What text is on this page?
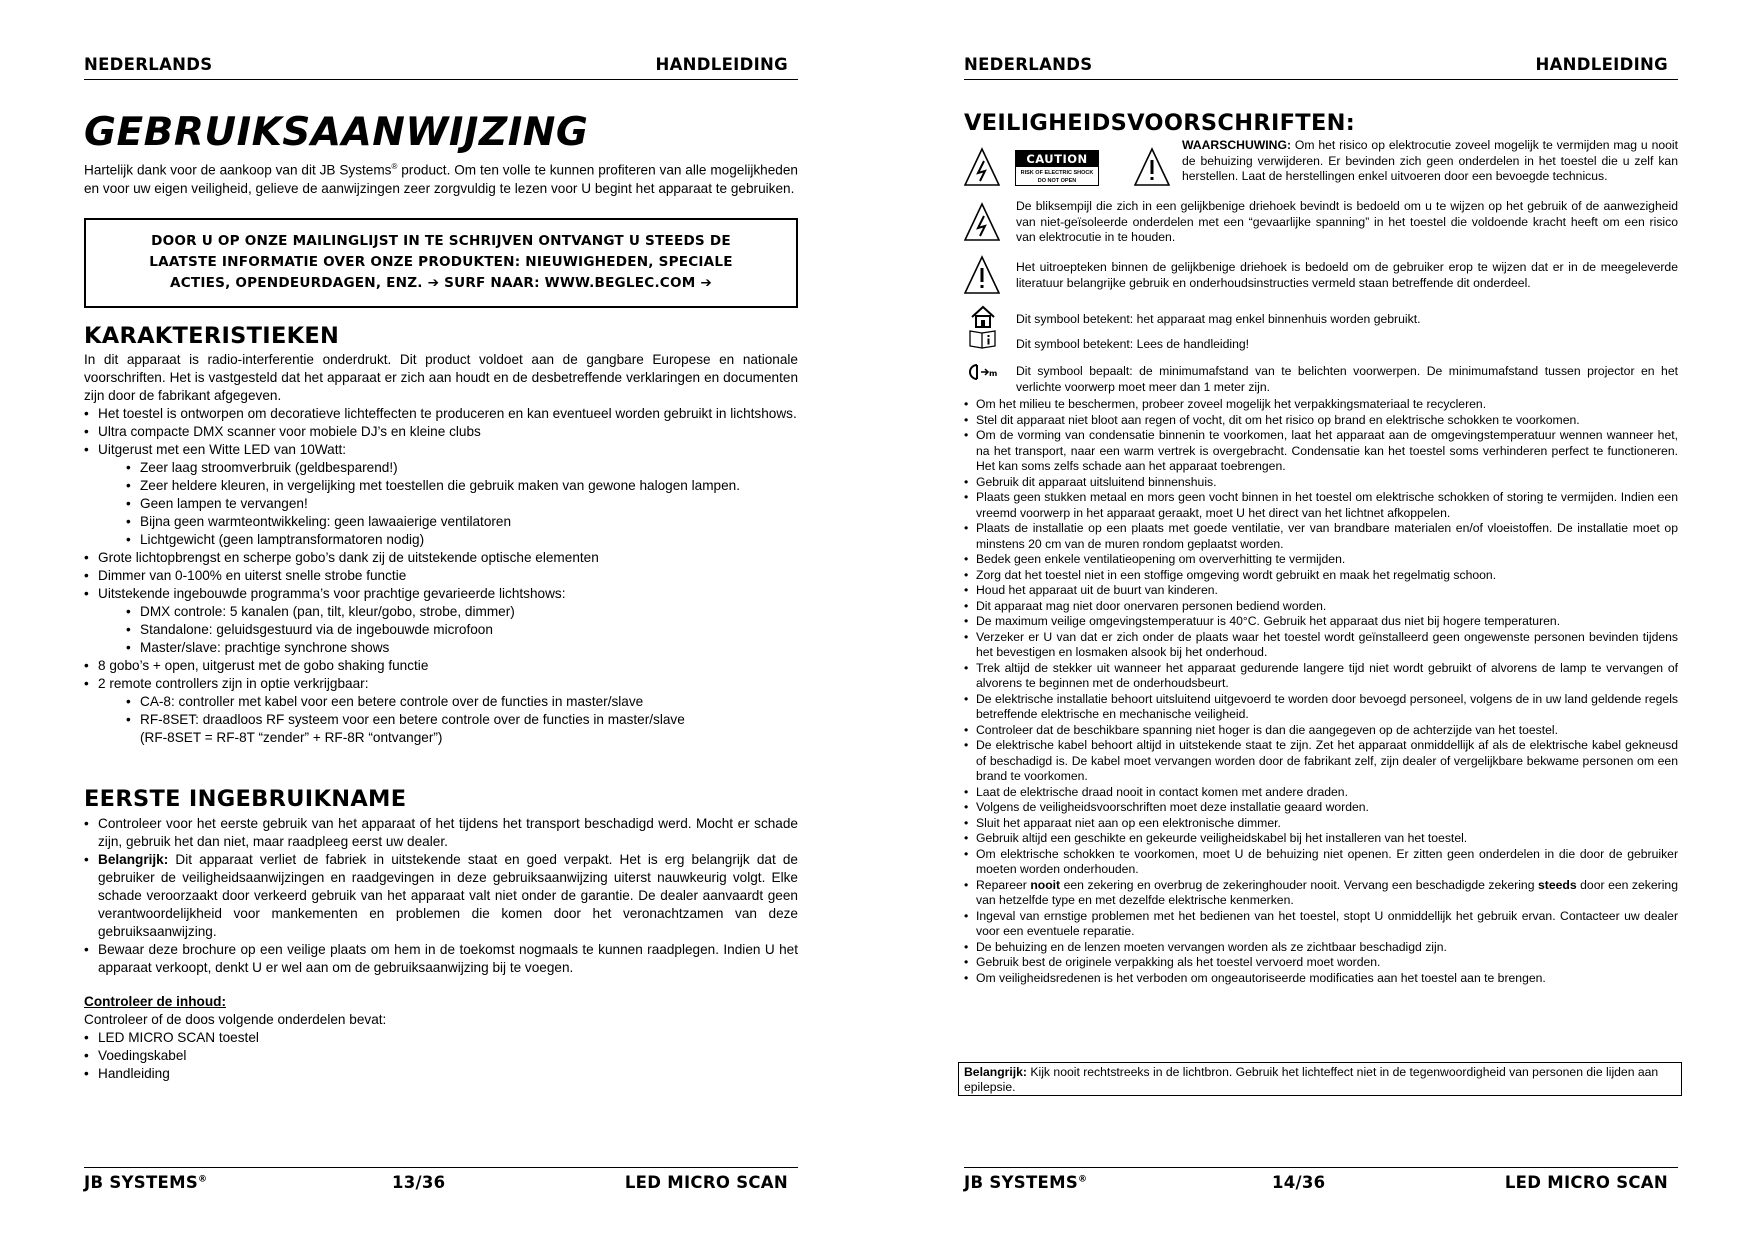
NEDERLANDS	HANDLEIDING
GEBRUIKSAANWIJZING
Hartelijk dank voor de aankoop van dit JB Systems® product. Om ten volle te kunnen profiteren van alle mogelijkheden en voor uw eigen veiligheid, gelieve de aanwijzingen zeer zorgvuldig te lezen voor U begint het apparaat te gebruiken.
DOOR U OP ONZE MAILINGLIJST IN TE SCHRIJVEN ONTVANGT U STEEDS DE
LAATSTE INFORMATIE OVER ONZE PRODUKTEN: NIEUWIGHEDEN, SPECIALE
ACTIES, OPENDEURDAGEN, ENZ. ➔ SURF NAAR: WWW.BEGLEC.COM ➔
KARAKTERISTIEKEN

In dit apparaat is radio-interferentie onderdrukt. Dit product voldoet aan de gangbare Europese en nationale voorschriften. Het is vastgesteld dat het apparaat er zich aan houdt en de desbetreffende verklaringen en documenten zijn door de fabrikant afgegeven.

• Het toestel is ontworpen om decoratieve lichteffecten te produceren en kan eventueel worden gebruikt in lichtshows.
• Ultra compacte DMX scanner voor mobiele DJ’s en kleine clubs
• Uitgerust met een Witte LED van 10Watt:
• Zeer laag stroomverbruik (geldbesparend!)
• Zeer heldere kleuren, in vergelijking met toestellen die gebruik maken van gewone halogen lampen.
• Geen lampen te vervangen!
• Bijna geen warmteontwikkeling: geen lawaaierige ventilatoren
• Lichtgewicht (geen lamptransformatoren nodig)
• Grote lichtopbrengst en scherpe gobo’s dank zij de uitstekende optische elementen
• Dimmer van 0-100% en uiterst snelle strobe functie
• Uitstekende ingebouwde programma’s voor prachtige gevarieerde lichtshows:
• DMX controle: 5 kanalen (pan, tilt, kleur/gobo, strobe, dimmer)
• Standalone: geluidsgestuurd via de ingebouwde microfoon
• Master/slave: prachtige synchrone shows
• 8 gobo’s + open, uitgerust met de gobo shaking functie
• 2 remote controllers zijn in optie verkrijgbaar:
• CA-8: controller met kabel voor een betere controle over de functies in master/slave
• RF-8SET: draadloos RF systeem voor een betere controle over de functies in master/slave
(RF-8SET = RF-8T “zender” + RF-8R “ontvanger”)
EERSTE INGEBRUIKNAME
• Controleer voor het eerste gebruik van het apparaat of het tijdens het transport beschadigd werd. Mocht er schade zijn, gebruik het dan niet, maar raadpleeg eerst uw dealer.
• Belangrijk: Dit apparaat verliet de fabriek in uitstekende staat en goed verpakt. Het is erg belangrijk dat de gebruiker de veiligheidsaanwijzingen en raadgevingen in deze gebruiksaanwijzing uiterst nauwkeurig volgt. Elke schade veroorzaakt door verkeerd gebruik van het apparaat valt niet onder de garantie. De dealer aanvaardt geen verantwoordelijkheid voor mankementen en problemen die komen door het veronachtzamen van deze gebruiksaanwijzing.
• Bewaar deze brochure op een veilige plaats om hem in de toekomst nogmaals te kunnen raadplegen. Indien U het apparaat verkoopt, denkt U er wel aan om de gebruiksaanwijzing bij te voegen.

Controleer de inhoud:

Controleer of de doos volgende onderdelen bevat:

• LED MICRO SCAN toestel
• Voedingskabel
• Handleiding
JB SYSTEMS®	13/36	LED MICRO SCAN
NEDERLANDS	HANDLEIDING
VEILIGHEIDSVOORSCHRIFTEN:
CAUTION
RISK OF ELECTRIC SHOCK
DO NOT OPEN
WAARSCHUWING: Om het risico op elektrocutie zoveel mogelijk te vermijden mag u nooit de behuizing verwijderen. Er bevinden zich geen onderdelen in het toestel die u zelf kan herstellen. Laat de herstellingen enkel uitvoeren door een bevoegde technicus.
De bliksempijl die zich in een gelijkbenige driehoek bevindt is bedoeld om u te wijzen op het gebruik of de aanwezigheid van niet-geïsoleerde onderdelen met een “gevaarlijke spanning” in het toestel die voldoende kracht heeft om een risico van elektrocutie in te houden.
Het uitroepteken binnen de gelijkbenige driehoek is bedoeld om de gebruiker erop te wijzen dat er in de meegeleverde literatuur belangrijke gebruik en onderhoudsinstructies vermeld staan betreffende dit onderdeel.
Dit symbool betekent: het apparaat mag enkel binnenhuis worden gebruikt.
Dit symbool betekent: Lees de handleiding!
m Dit symbool bepaalt: de minimumafstand van te belichten voorwerpen. De minimumafstand tussen projector en het verlichte voorwerp moet meer dan 1 meter zijn.
• Om het milieu te beschermen, probeer zoveel mogelijk het verpakkingsmateriaal te recycleren.
• Stel dit apparaat niet bloot aan regen of vocht, dit om het risico op brand en elektrische schokken te voorkomen.
• Om de vorming van condensatie binnenin te voorkomen, laat het apparaat aan de omgevingstemperatuur wennen wanneer het, na het transport, naar een warm vertrek is overgebracht. Condensatie kan het toestel soms verhinderen perfect te functioneren. Het kan soms zelfs schade aan het apparaat toebrengen.
• Gebruik dit apparaat uitsluitend binnenshuis.
• Plaats geen stukken metaal en mors geen vocht binnen in het toestel om elektrische schokken of storing te vermijden. Indien een vreemd voorwerp in het apparaat geraakt, moet U het direct van het lichtnet afkoppelen.
• Plaats de installatie op een plaats met goede ventilatie, ver van brandbare materialen en/of vloeistoffen. De installatie moet op minstens 20 cm van de muren rondom geplaatst worden.
• Bedek geen enkele ventilatieopening om oververhitting te vermijden.
• Zorg dat het toestel niet in een stoffige omgeving wordt gebruikt en maak het regelmatig schoon.
• Houd het apparaat uit de buurt van kinderen.
• Dit apparaat mag niet door onervaren personen bediend worden.
• De maximum veilige omgevingstemperatuur is 40°C. Gebruik het apparaat dus niet bij hogere temperaturen.
• Verzeker er U van dat er zich onder de plaats waar het toestel wordt geïnstalleerd geen ongewenste personen bevinden tijdens het bevestigen en losmaken alsook bij het onderhoud.
• Trek altijd de stekker uit wanneer het apparaat gedurende langere tijd niet wordt gebruikt of alvorens de lamp te vervangen of alvorens te beginnen met de onderhoudsbeurt.
• De elektrische installatie behoort uitsluitend uitgevoerd te worden door bevoegd personeel, volgens de in uw land geldende regels betreffende elektrische en mechanische veiligheid.
• Controleer dat de beschikbare spanning niet hoger is dan die aangegeven op de achterzijde van het toestel.
• De elektrische kabel behoort altijd in uitstekende staat te zijn. Zet het apparaat onmiddellijk af als de elektrische kabel gekneusd of beschadigd is. De kabel moet vervangen worden door de fabrikant zelf, zijn dealer of vergelijkbare bekwame personen om een brand te voorkomen.
• Laat de elektrische draad nooit in contact komen met andere draden.
• Volgens de veiligheidsvoorschriften moet deze installatie geaard worden.
• Sluit het apparaat niet aan op een elektronische dimmer.
• Gebruik altijd een geschikte en gekeurde veiligheidskabel bij het installeren van het toestel.
• Om elektrische schokken te voorkomen, moet U de behuizing niet openen. Er zitten geen onderdelen in die door de gebruiker moeten worden onderhouden.
• Repareer nooit een zekering en overbrug de zekeringhouder nooit. Vervang een beschadigde zekering steeds door een zekering van hetzelfde type en met dezelfde elektrische kenmerken.
• Ingeval van ernstige problemen met het bedienen van het toestel, stopt U onmiddellijk het gebruik ervan. Contacteer uw dealer voor een eventuele reparatie.
• De behuizing en de lenzen moeten vervangen worden als ze zichtbaar beschadigd zijn.
• Gebruik best de originele verpakking als het toestel vervoerd moet worden.
• Om veiligheidsredenen is het verboden om ongeautoriseerde modificaties aan het toestel aan te brengen.
Belangrijk: Kijk nooit rechtstreeks in de lichtbron. Gebruik het lichteffect niet in de tegenwoordigheid van personen die lijden aan epilepsie.
JB SYSTEMS®	14/36	LED MICRO SCAN
